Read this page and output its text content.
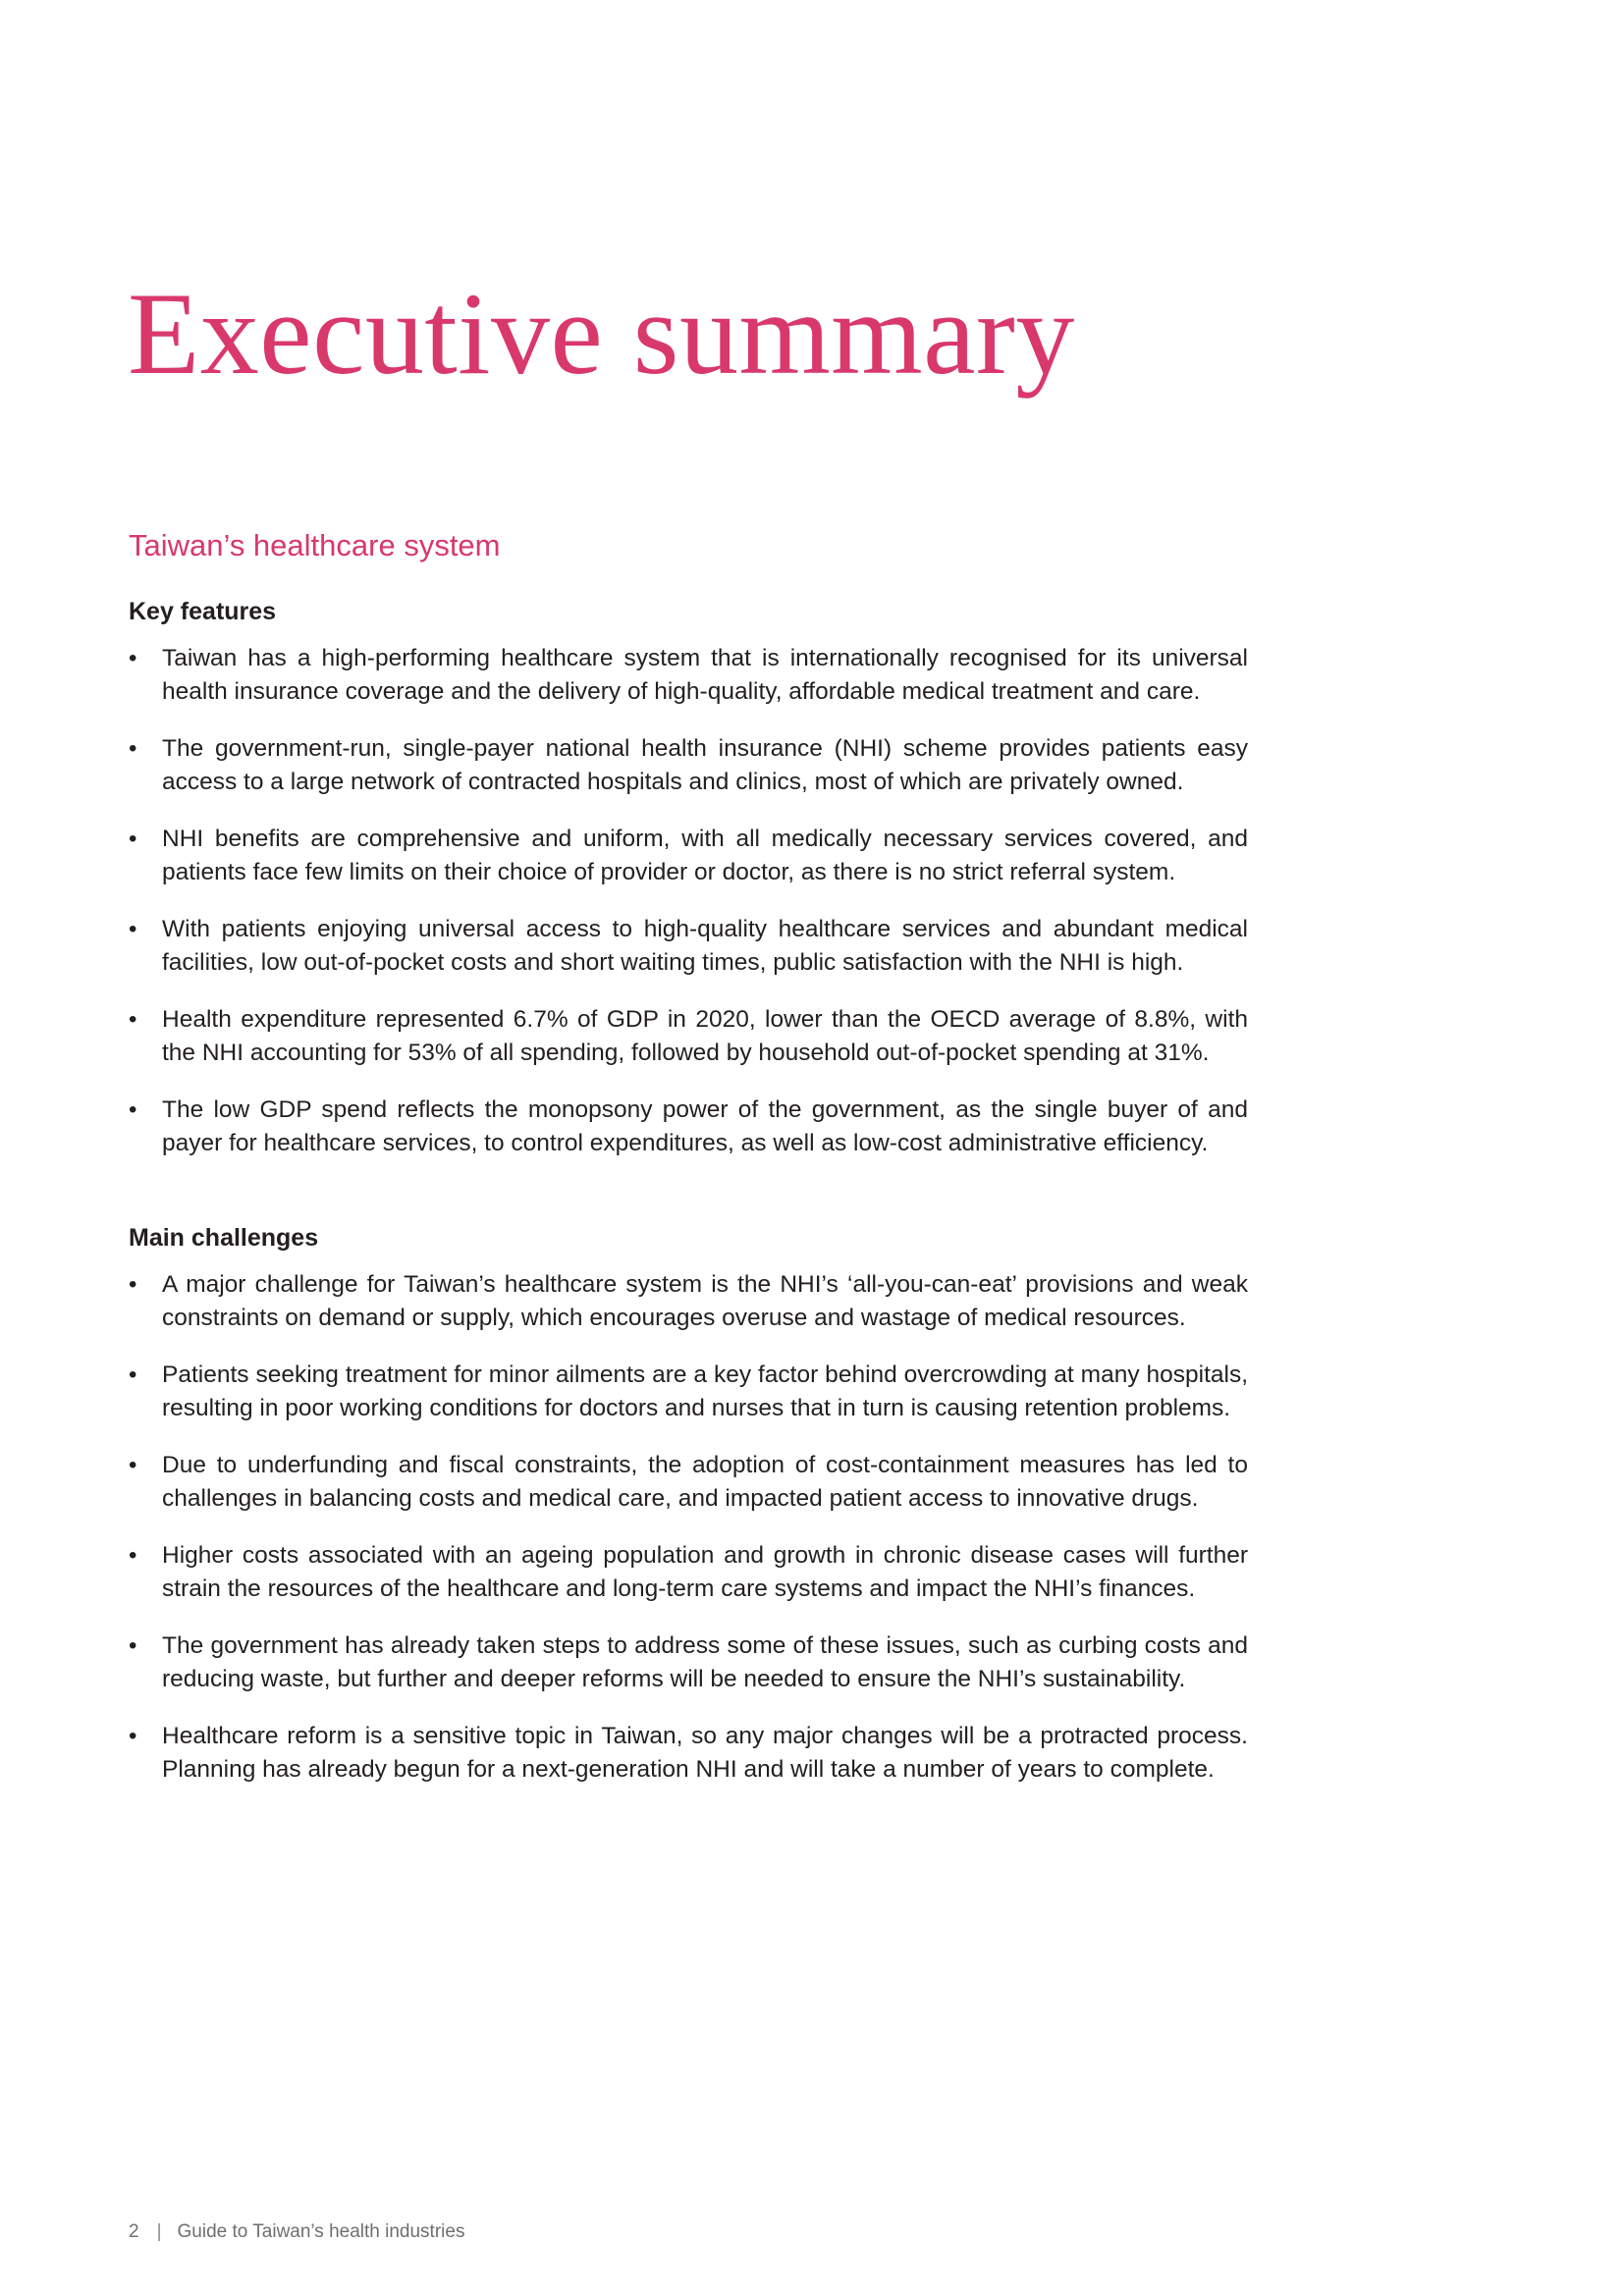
Executive summary
Taiwan’s healthcare system
Key features
• Taiwan has a high-performing healthcare system that is internationally recognised for its universal health insurance coverage and the delivery of high-quality, affordable medical treatment and care.
• The government-run, single-payer national health insurance (NHI) scheme provides patients easy access to a large network of contracted hospitals and clinics, most of which are privately owned.
• NHI benefits are comprehensive and uniform, with all medically necessary services covered, and patients face few limits on their choice of provider or doctor, as there is no strict referral system.
• With patients enjoying universal access to high-quality healthcare services and abundant medical facilities, low out-of-pocket costs and short waiting times, public satisfaction with the NHI is high.
• Health expenditure represented 6.7% of GDP in 2020, lower than the OECD average of 8.8%, with the NHI accounting for 53% of all spending, followed by household out-of-pocket spending at 31%.
• The low GDP spend reflects the monopsony power of the government, as the single buyer of and payer for healthcare services, to control expenditures, as well as low-cost administrative efficiency.
Main challenges
• A major challenge for Taiwan’s healthcare system is the NHI’s ‘all-you-can-eat’ provisions and weak constraints on demand or supply, which encourages overuse and wastage of medical resources.
• Patients seeking treatment for minor ailments are a key factor behind overcrowding at many hospitals, resulting in poor working conditions for doctors and nurses that in turn is causing retention problems.
• Due to underfunding and fiscal constraints, the adoption of cost-containment measures has led to challenges in balancing costs and medical care, and impacted patient access to innovative drugs.
• Higher costs associated with an ageing population and growth in chronic disease cases will further strain the resources of the healthcare and long-term care systems and impact the NHI’s finances.
• The government has already taken steps to address some of these issues, such as curbing costs and reducing waste, but further and deeper reforms will be needed to ensure the NHI’s sustainability.
• Healthcare reform is a sensitive topic in Taiwan, so any major changes will be a protracted process. Planning has already begun for a next-generation NHI and will take a number of years to complete.
2 | Guide to Taiwan’s health industries
